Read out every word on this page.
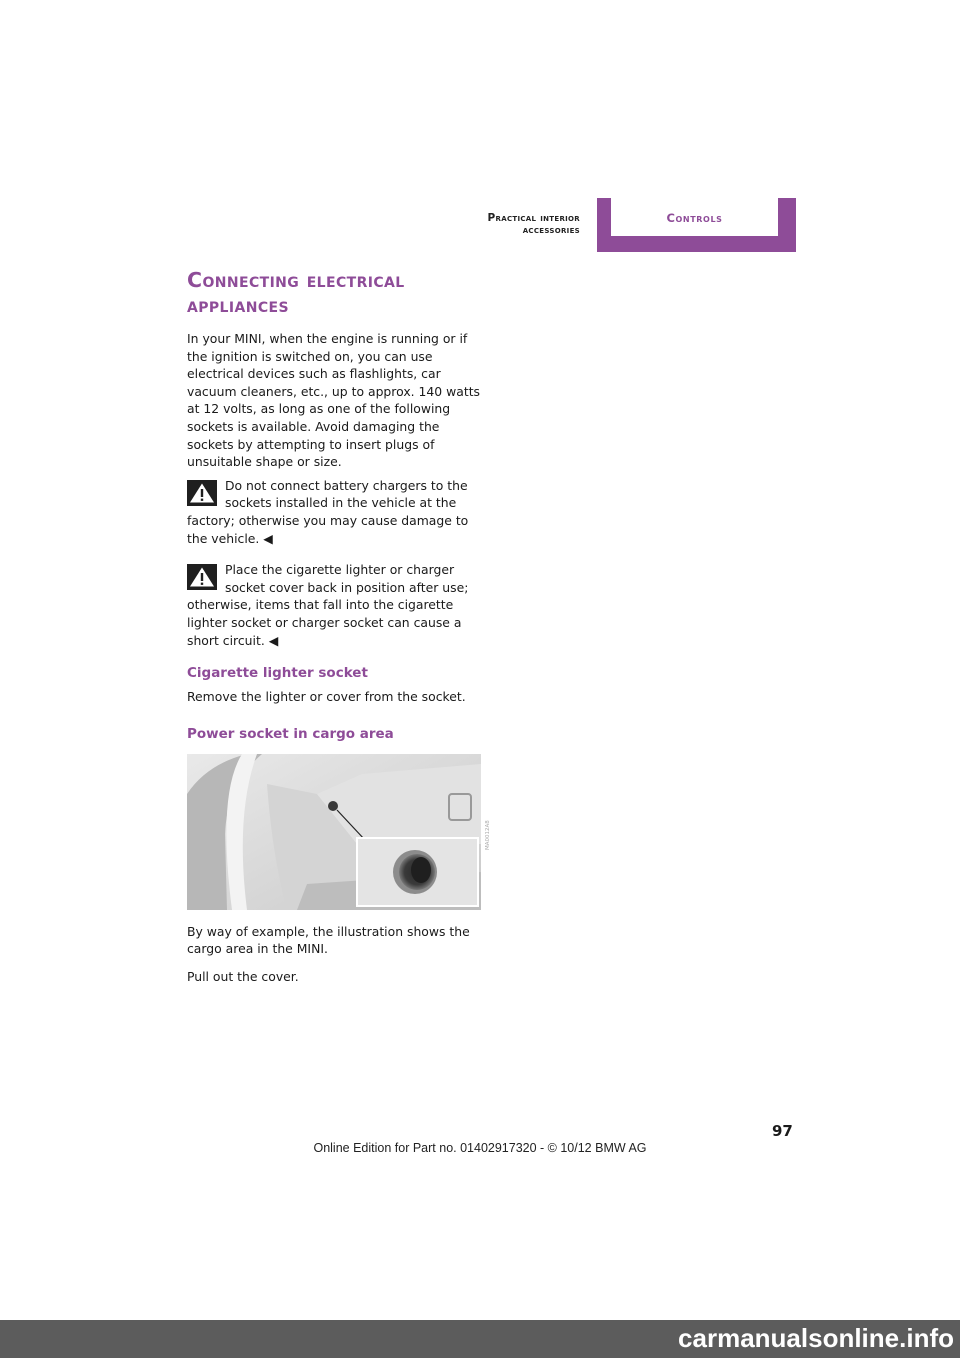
Practical interior accessories
Controls
Connecting electrical appliances

In your MINI, when the engine is running or if the ignition is switched on, you can use electrical devices such as flashlights, car vacuum cleaners, etc., up to approx. 140 watts at 12 volts, as long as one of the following sockets is available. Avoid damaging the sockets by attempting to insert plugs of unsuitable shape or size.

Do not connect battery chargers to the sockets installed in the vehicle at the factory; otherwise you may cause damage to the vehicle. ◀

Place the cigarette lighter or charger socket cover back in position after use; otherwise, items that fall into the cigarette lighter socket or charger socket can cause a short circuit. ◀

Cigarette lighter socket

Remove the lighter or cover from the socket.

Power socket in cargo area
MA0012A8

By way of example, the illustration shows the cargo area in the MINI.

Pull out the cover.

97
Online Edition for Part no. 01402917320 - © 10/12 BMW AG
carmanualsonline.info
